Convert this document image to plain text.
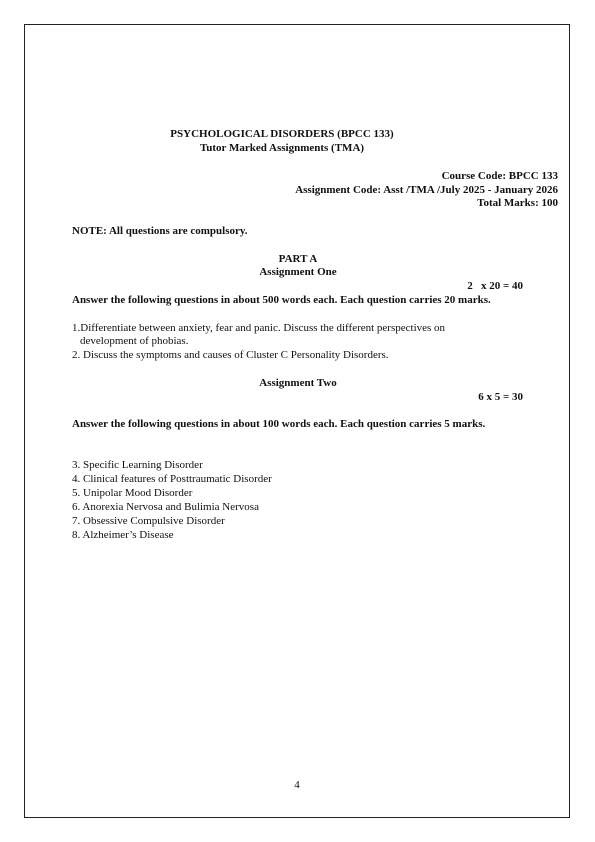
PSYCHOLOGICAL DISORDERS (BPCC 133)
Tutor Marked Assignments (TMA)
Course Code: BPCC 133
Assignment Code: Asst /TMA /July 2025 - January 2026
Total Marks: 100
NOTE: All questions are compulsory.
PART A
Assignment One
2   x 20 = 40
Answer the following questions in about 500 words each. Each question carries 20 marks.
1.Differentiate between anxiety, fear and panic. Discuss the different perspectives on
development of phobias.
2. Discuss the symptoms and causes of Cluster C Personality Disorders.
Assignment Two
6 x 5 = 30
Answer the following questions in about 100 words each. Each question carries 5 marks.
3. Specific Learning Disorder
4. Clinical features of Posttraumatic Disorder
5. Unipolar Mood Disorder
6. Anorexia Nervosa and Bulimia Nervosa
7. Obsessive Compulsive Disorder
8. Alzheimer’s Disease
4
